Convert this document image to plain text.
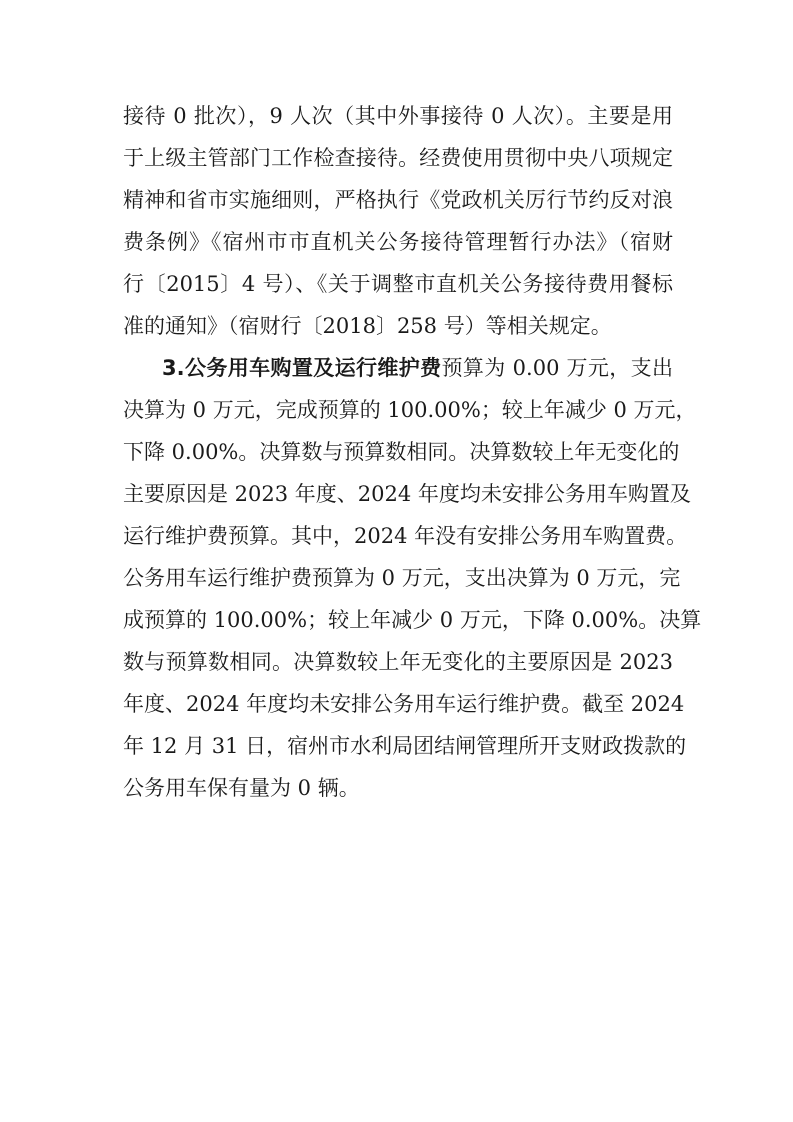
接待 0 批次），9 人次（其中外事接待 0 人次）。主要是用
于上级主管部门工作检查接待。经费使用贯彻中央八项规定
精神和省市实施细则，严格执行《党政机关厉行节约反对浪
费条例》《宿州市市直机关公务接待管理暂行办法》（宿财
行〔2015〕4 号）、《关于调整市直机关公务接待费用餐标
准的通知》（宿财行〔2018〕258 号）等相关规定。
3.公务用车购置及运行维护费预算为 0.00 万元，支出
决算为 0 万元，完成预算的 100.00%；较上年减少 0 万元，
下降 0.00%。决算数与预算数相同。决算数较上年无变化的
主要原因是 2023 年度、2024 年度均未安排公务用车购置及
运行维护费预算。其中，2024 年没有安排公务用车购置费。
公务用车运行维护费预算为 0 万元，支出决算为 0 万元，完
成预算的 100.00%；较上年减少 0 万元，下降 0.00%。决算
数与预算数相同。决算数较上年无变化的主要原因是 2023
年度、2024 年度均未安排公务用车运行维护费。截至 2024
年 12 月 31 日，宿州市水利局团结闸管理所开支财政拨款的
公务用车保有量为 0 辆。
